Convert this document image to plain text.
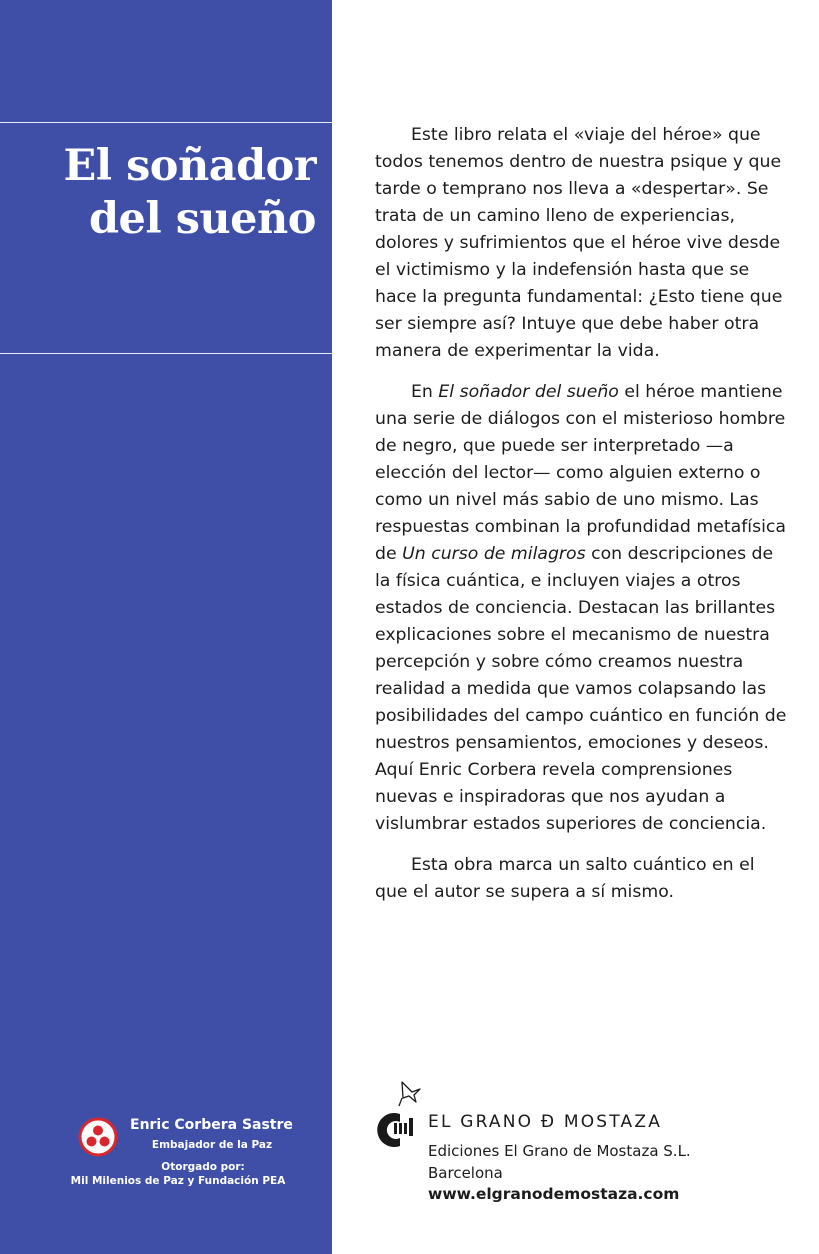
El soñador
del sueño
Enric Corbera Sastre
Embajador de la Paz
Otorgado por:
Mil Milenios de Paz y Fundación PEA

Este libro relata el «viaje del héroe» que todos tenemos dentro de nuestra psique y que tarde o temprano nos lleva a «despertar». Se trata de un camino lleno de experiencias, dolores y sufrimientos que el héroe vive desde el victimismo y la indefensión hasta que se hace la pregunta fundamental: ¿Esto tiene que ser siempre así? Intuye que debe haber otra manera de experimentar la vida.

En El soñador del sueño el héroe mantiene una serie de diálogos con el misterioso hombre de negro, que puede ser interpretado —a elección del lector— como alguien externo o como un nivel más sabio de uno mismo. Las respuestas combinan la profundidad metafísica de Un curso de milagros con descripciones de la física cuántica, e incluyen viajes a otros estados de conciencia. Destacan las brillantes explicaciones sobre el mecanismo de nuestra percepción y sobre cómo creamos nuestra realidad a medida que vamos colapsando las posibilidades del campo cuántico en función de nuestros pensamientos, emociones y deseos. Aquí Enric Corbera revela comprensiones nuevas e inspiradoras que nos ayudan a vislumbrar estados superiores de conciencia.

Esta obra marca un salto cuántico en el que el autor se supera a sí mismo.

EL GRANO Ð MOSTAZA
Ediciones El Grano de Mostaza S.L.
Barcelona
www.elgranodemostaza.com
